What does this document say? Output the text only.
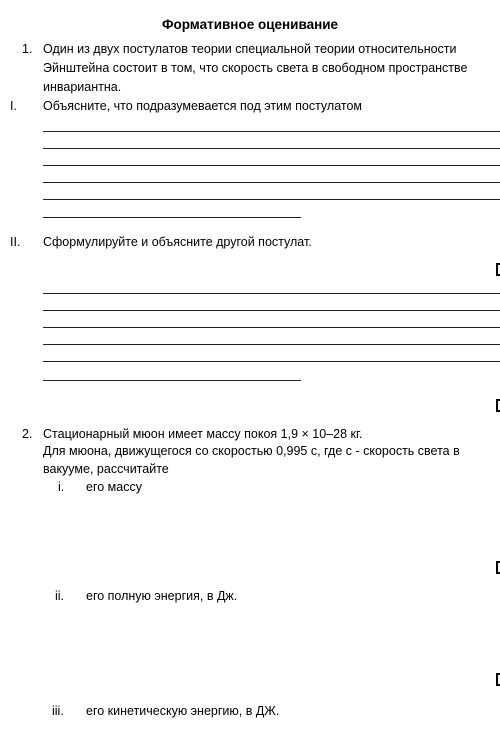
Формативное оценивание
1. Один из двух постулатов теории специальной теории относительности
Эйнштейна состоит в том, что скорость света в свободном пространстве
инвариантна.
I. Объясните, что подразумевается под этим постулатом
II. Сформулируйте и объясните другой постулат.
2. Стационарный мюон имеет массу покоя 1,9 × 10–28 кг.
Для мюона, движущегося со скоростью 0,995 c, где с - скорость света в
вакууме, рассчитайте
i. его массу
ii. его полную энергия, в Дж.
iii. его кинетическую энергию, в ДЖ.
